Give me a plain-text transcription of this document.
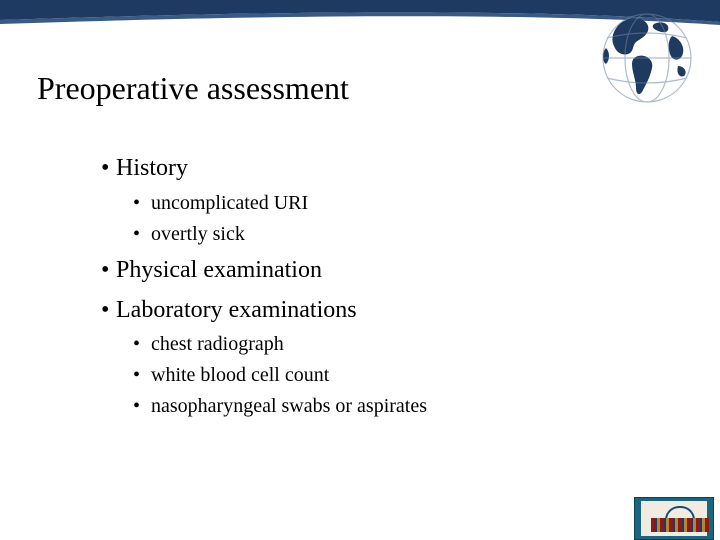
Preoperative assessment
• History
• uncomplicated URI
• overtly sick
• Physical examination
• Laboratory examinations
• chest radiograph
• white blood cell count
• nasopharyngeal swabs or aspirates
